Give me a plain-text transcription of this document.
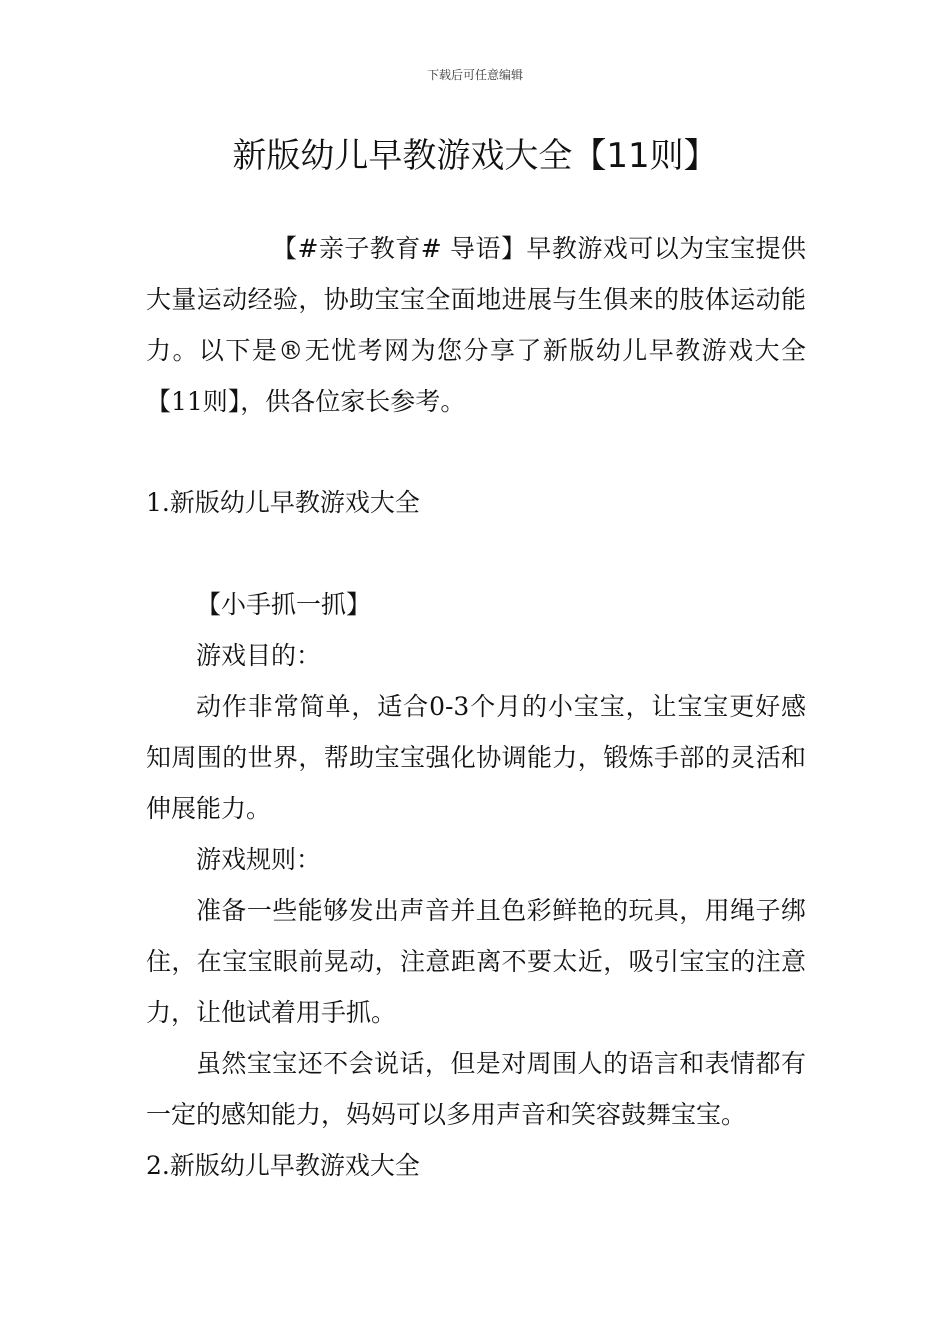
下载后可任意编辑
新版幼儿早教游戏大全【11则】

【#亲子教育# 导语】早教游戏可以为宝宝提供大量运动经验，协助宝宝全面地进展与生俱来的肢体运动能力。以下是®无忧考网为您分享了新版幼儿早教游戏大全【11则】，供各位家长参考。

1.新版幼儿早教游戏大全

【小手抓一抓】

游戏目的：

动作非常简单，适合0-3个月的小宝宝，让宝宝更好感知周围的世界，帮助宝宝强化协调能力，锻炼手部的灵活和伸展能力。

游戏规则：

准备一些能够发出声音并且色彩鲜艳的玩具，用绳子绑住，在宝宝眼前晃动，注意距离不要太近，吸引宝宝的注意力，让他试着用手抓。

虽然宝宝还不会说话，但是对周围人的语言和表情都有一定的感知能力，妈妈可以多用声音和笑容鼓舞宝宝。

2.新版幼儿早教游戏大全
